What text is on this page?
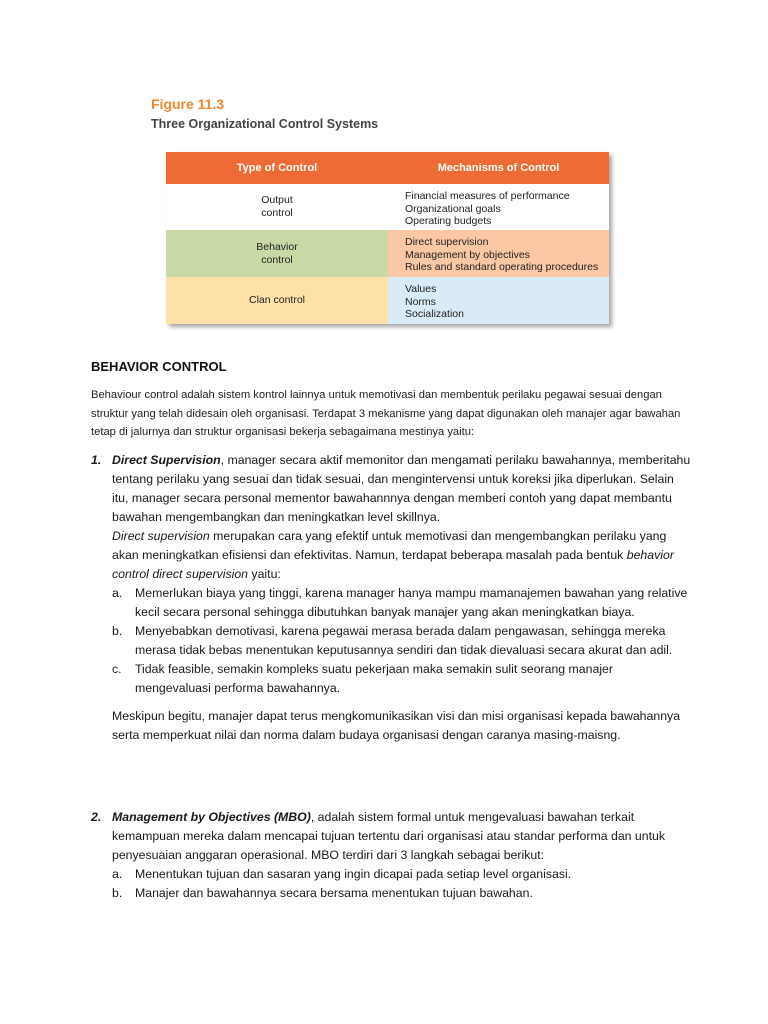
Figure 11.3
Three Organizational Control Systems
Type of Control	Mechanisms of Control
Output
control
Financial measures of performance
Organizational goals
Operating budgets
Behavior
control
Direct supervision
Management by objectives
Rules and standard operating procedures
Clan control
Values
Norms
Socialization
BEHAVIOR CONTROL
Behaviour control adalah sistem kontrol lainnya untuk memotivasi dan membentuk perilaku pegawai sesuai dengan struktur yang telah didesain oleh organisasi. Terdapat 3 mekanisme yang dapat digunakan oleh manajer agar bawahan tetap di jalurnya dan struktur organisasi bekerja sebagaimana mestinya yaitu:
1. Direct Supervision, manager secara aktif memonitor dan mengamati perilaku bawahannya, memberitahu tentang perilaku yang sesuai dan tidak sesuai, dan mengintervensi untuk koreksi jika diperlukan. Selain itu, manager secara personal mementor bawahannnya dengan memberi contoh yang dapat membantu bawahan mengembangkan dan meningkatkan level skillnya.
Direct supervision merupakan cara yang efektif untuk memotivasi dan mengembangkan perilaku yang akan meningkatkan efisiensi dan efektivitas. Namun, terdapat beberapa masalah pada bentuk behavior control direct supervision yaitu:
a. Memerlukan biaya yang tinggi, karena manager hanya mampu mamanajemen bawahan yang relative kecil secara personal sehingga dibutuhkan banyak manajer yang akan meningkatkan biaya.
b. Menyebabkan demotivasi, karena pegawai merasa berada dalam pengawasan, sehingga mereka merasa tidak bebas menentukan keputusannya sendiri dan tidak dievaluasi secara akurat dan adil.
c. Tidak feasible, semakin kompleks suatu pekerjaan maka semakin sulit seorang manajer mengevaluasi performa bawahannya.
Meskipun begitu, manajer dapat terus mengkomunikasikan visi dan misi organisasi kepada bawahannya serta memperkuat nilai dan norma dalam budaya organisasi dengan caranya masing-maisng.
2. Management by Objectives (MBO), adalah sistem formal untuk mengevaluasi bawahan terkait kemampuan mereka dalam mencapai tujuan tertentu dari organisasi atau standar performa dan untuk penyesuaian anggaran operasional. MBO terdiri dari 3 langkah sebagai berikut:
a. Menentukan tujuan dan sasaran yang ingin dicapai pada setiap level organisasi.
b. Manajer dan bawahannya secara bersama menentukan tujuan bawahan.
